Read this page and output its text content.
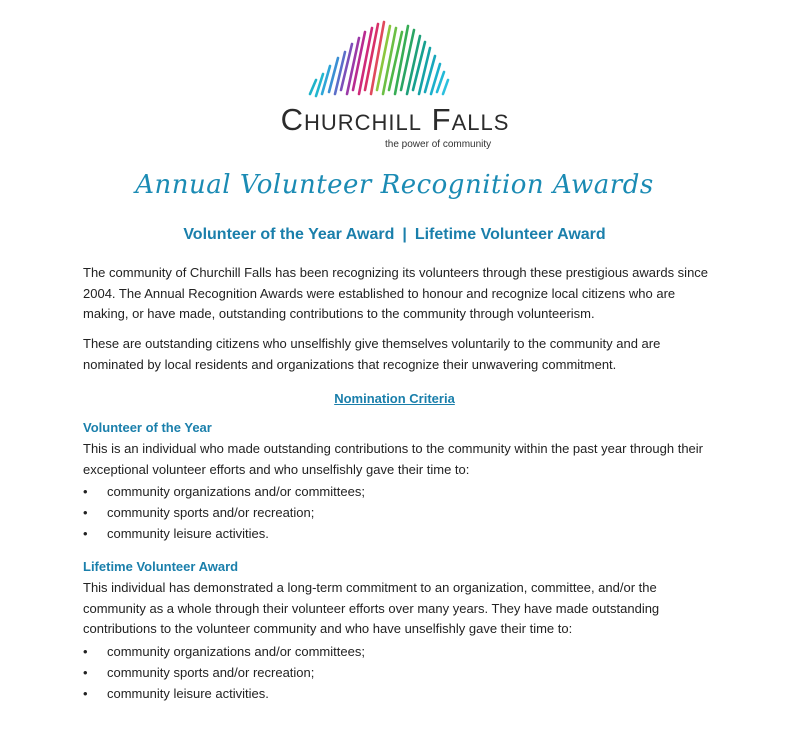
Churchill Falls
the power of community
Annual Volunteer Recognition Awards
Volunteer of the Year Award | Lifetime Volunteer Award
The community of Churchill Falls has been recognizing its volunteers through these prestigious awards since 2004. The Annual Recognition Awards were established to honour and recognize local citizens who are making, or have made, outstanding contributions to the community through volunteerism.
These are outstanding citizens who unselfishly give themselves voluntarily to the community and are nominated by local residents and organizations that recognize their unwavering commitment.
Nomination Criteria
Volunteer of the Year
This is an individual who made outstanding contributions to the community within the past year through their exceptional volunteer efforts and who unselfishly gave their time to:
• community organizations and/or committees;
• community sports and/or recreation;
• community leisure activities.
Lifetime Volunteer Award
This individual has demonstrated a long-term commitment to an organization, committee, and/or the community as a whole through their volunteer efforts over many years. They have made outstanding contributions to the volunteer community and who have unselfishly gave their time to:
• community organizations and/or committees;
• community sports and/or recreation;
• community leisure activities.
